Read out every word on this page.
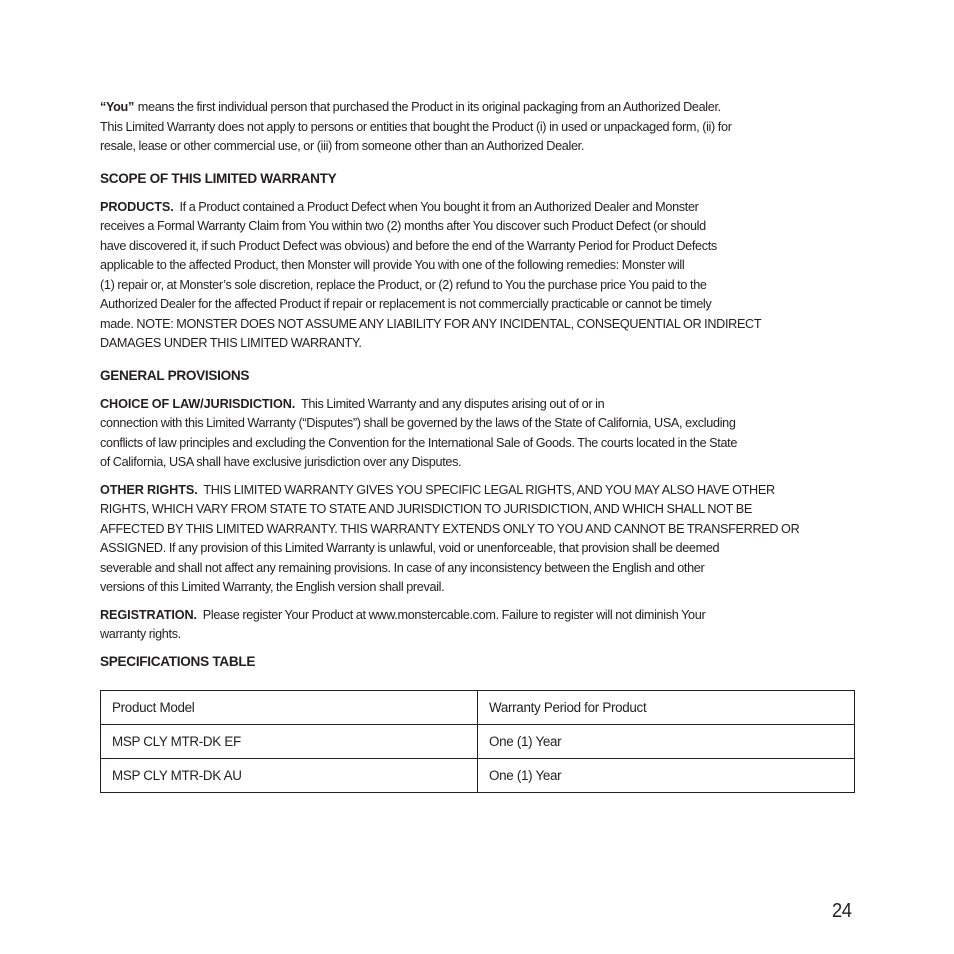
“You” means the first individual person that purchased the Product in its original packaging from an Authorized Dealer.
This Limited Warranty does not apply to persons or entities that bought the Product (i) in used or unpackaged form, (ii) for
resale, lease or other commercial use, or (iii) from someone other than an Authorized Dealer.

SCOPE OF THIS LIMITED WARRANTY

PRODUCTS. If a Product contained a Product Defect when You bought it from an Authorized Dealer and Monster
receives a Formal Warranty Claim from You within two (2) months after You discover such Product Defect (or should
have discovered it, if such Product Defect was obvious) and before the end of the Warranty Period for Product Defects
applicable to the affected Product, then Monster will provide You with one of the following remedies: Monster will
(1) repair or, at Monster’s sole discretion, replace the Product, or (2) refund to You the purchase price You paid to the
Authorized Dealer for the affected Product if repair or replacement is not commercially practicable or cannot be timely
made. NOTE: MONSTER DOES NOT ASSUME ANY LIABILITY FOR ANY INCIDENTAL, CONSEQUENTIAL OR INDIRECT
DAMAGES UNDER THIS LIMITED WARRANTY.

GENERAL PROVISIONS

CHOICE OF LAW/JURISDICTION. This Limited Warranty and any disputes arising out of or in
connection with this Limited Warranty (“Disputes”) shall be governed by the laws of the State of California, USA, excluding
conflicts of law principles and excluding the Convention for the International Sale of Goods. The courts located in the State
of California, USA shall have exclusive jurisdiction over any Disputes.

OTHER RIGHTS. THIS LIMITED WARRANTY GIVES YOU SPECIFIC LEGAL RIGHTS, AND YOU MAY ALSO HAVE OTHER
RIGHTS, WHICH VARY FROM STATE TO STATE AND JURISDICTION TO JURISDICTION, AND WHICH SHALL NOT BE
AFFECTED BY THIS LIMITED WARRANTY. THIS WARRANTY EXTENDS ONLY TO YOU AND CANNOT BE TRANSFERRED OR
ASSIGNED. If any provision of this Limited Warranty is unlawful, void or unenforceable, that provision shall be deemed
severable and shall not affect any remaining provisions. In case of any inconsistency between the English and other
versions of this Limited Warranty, the English version shall prevail.

REGISTRATION. Please register Your Product at www.monstercable.com. Failure to register will not diminish Your
warranty rights.

SPECIFICATIONS TABLE
Product Model	Warranty Period for Product
MSP CLY MTR-DK EF	One (1) Year
MSP CLY MTR-DK AU	One (1) Year
24
